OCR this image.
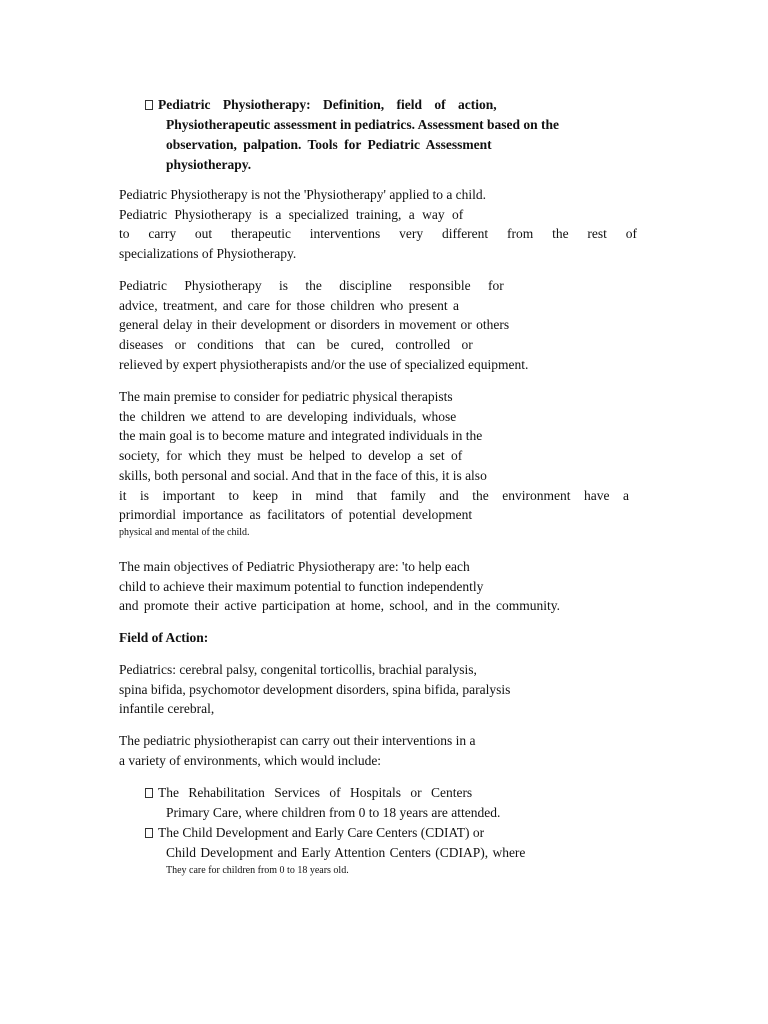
Pediatric Physiotherapy: Definition, field of action,
Physiotherapeutic assessment in pediatrics. Assessment based on the
observation, palpation. Tools for Pediatric Assessment
physiotherapy.
Pediatric Physiotherapy is not the 'Physiotherapy' applied to a child.
Pediatric Physiotherapy is a specialized training, a way of
to carry out therapeutic interventions very different from the rest of
specializations of Physiotherapy.
Pediatric Physiotherapy is the discipline responsible for
advice, treatment, and care for those children who present a
general delay in their development or disorders in movement or others
diseases or conditions that can be cured, controlled or
relieved by expert physiotherapists and/or the use of specialized equipment.
The main premise to consider for pediatric physical therapists
the children we attend to are developing individuals, whose
the main goal is to become mature and integrated individuals in the
society, for which they must be helped to develop a set of
skills, both personal and social. And that in the face of this, it is also
it is important to keep in mind that family and the environment have a
primordial importance as facilitators of potential development
physical and mental of the child.
The main objectives of Pediatric Physiotherapy are: 'to help each
child to achieve their maximum potential to function independently
and promote their active participation at home, school, and in the community.
Field of Action:
Pediatrics: cerebral palsy, congenital torticollis, brachial paralysis,
spina bifida, psychomotor development disorders, spina bifida, paralysis
infantile cerebral,
The pediatric physiotherapist can carry out their interventions in a
a variety of environments, which would include:
The Rehabilitation Services of Hospitals or Centers
Primary Care, where children from 0 to 18 years are attended.
The Child Development and Early Care Centers (CDIAT) or
Child Development and Early Attention Centers (CDIAP), where
They care for children from 0 to 18 years old.
